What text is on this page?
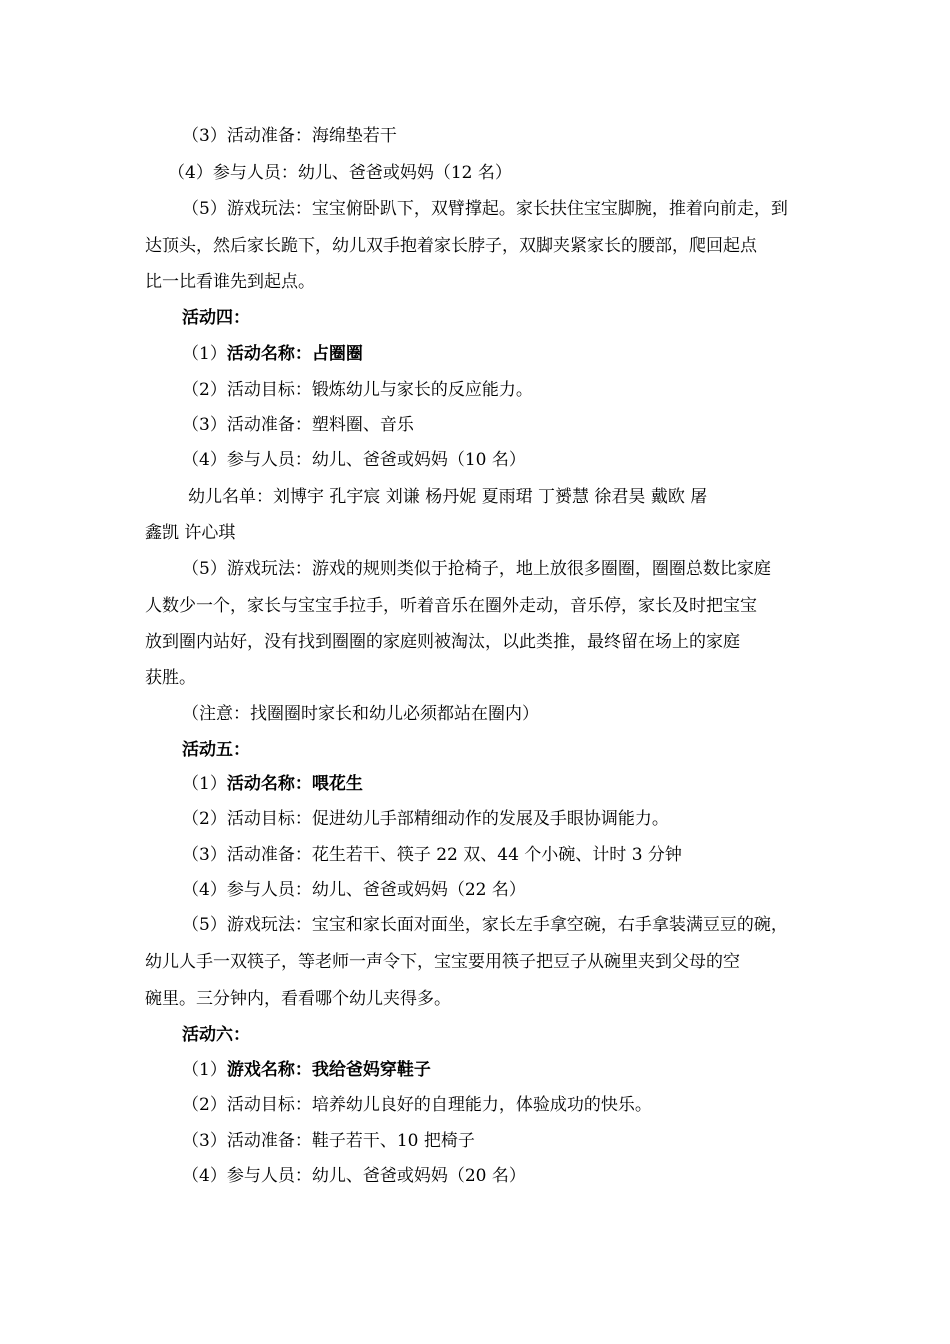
（3）活动准备：海绵垫若干
（4）参与人员：幼儿、爸爸或妈妈（12 名）
（5）游戏玩法：宝宝俯卧趴下，双臂撑起。家长扶住宝宝脚腕，推着向前走，到
达顶头，然后家长跪下，幼儿双手抱着家长脖子，双脚夹紧家长的腰部，爬回起点
比一比看谁先到起点。
活动四：
（1）活动名称：占圈圈
（2）活动目标：锻炼幼儿与家长的反应能力。
（3）活动准备：塑料圈、音乐
（4）参与人员：幼儿、爸爸或妈妈（10 名）
幼儿名单：刘博宇 孔宇宸 刘谦 杨丹妮 夏雨珺 丁赟慧 徐君昊 戴欧 屠
鑫凯 许心琪
（5）游戏玩法：游戏的规则类似于抢椅子，地上放很多圈圈，圈圈总数比家庭
人数少一个，家长与宝宝手拉手，听着音乐在圈外走动，音乐停，家长及时把宝宝
放到圈内站好，没有找到圈圈的家庭则被淘汰，以此类推，最终留在场上的家庭
获胜。
（注意：找圈圈时家长和幼儿必须都站在圈内）
活动五：
（1）活动名称：喂花生
（2）活动目标：促进幼儿手部精细动作的发展及手眼协调能力。
（3）活动准备：花生若干、筷子 22 双、44 个小碗、计时 3 分钟
（4）参与人员：幼儿、爸爸或妈妈（22 名）
（5）游戏玩法：宝宝和家长面对面坐，家长左手拿空碗，右手拿装满豆豆的碗，
幼儿人手一双筷子，等老师一声令下，宝宝要用筷子把豆子从碗里夹到父母的空
碗里。三分钟内，看看哪个幼儿夹得多。
活动六：
（1）游戏名称：我给爸妈穿鞋子
（2）活动目标：培养幼儿良好的自理能力，体验成功的快乐。
（3）活动准备：鞋子若干、10 把椅子
（4）参与人员：幼儿、爸爸或妈妈（20 名）
